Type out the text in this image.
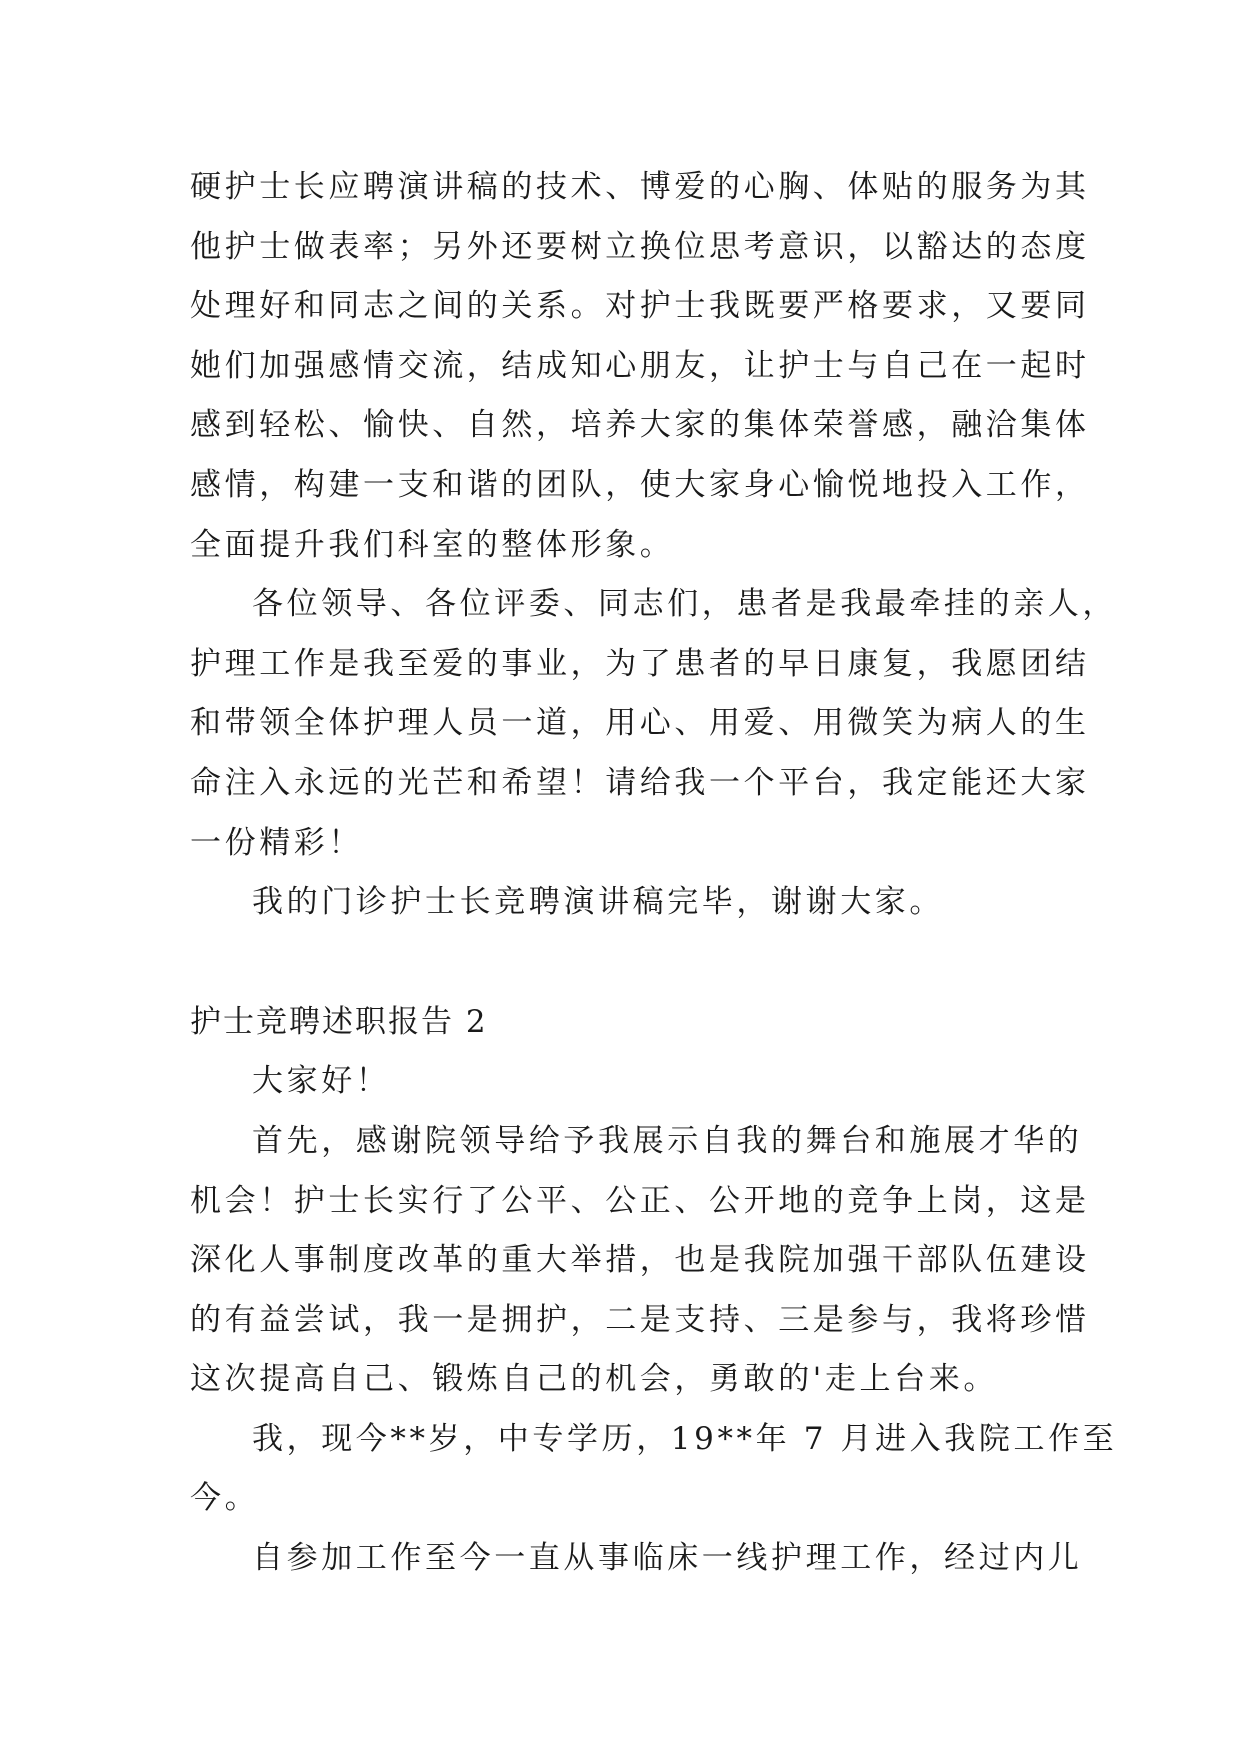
硬护士长应聘演讲稿的技术、博爱的心胸、体贴的服务为其
他护士做表率；另外还要树立换位思考意识，以豁达的态度
处理好和同志之间的关系。对护士我既要严格要求，又要同
她们加强感情交流，结成知心朋友，让护士与自己在一起时
感到轻松、愉快、自然，培养大家的集体荣誉感，融洽集体
感情，构建一支和谐的团队，使大家身心愉悦地投入工作，
全面提升我们科室的整体形象。
各位领导、各位评委、同志们，患者是我最牵挂的亲人，
护理工作是我至爱的事业，为了患者的早日康复，我愿团结
和带领全体护理人员一道，用心、用爱、用微笑为病人的生
命注入永远的光芒和希望！请给我一个平台，我定能还大家
一份精彩！
我的门诊护士长竞聘演讲稿完毕，谢谢大家。
护士竞聘述职报告 2
大家好！
首先，感谢院领导给予我展示自我的舞台和施展才华的
机会！护士长实行了公平、公正、公开地的竞争上岗，这是
深化人事制度改革的重大举措，也是我院加强干部队伍建设
的有益尝试，我一是拥护，二是支持、三是参与，我将珍惜
这次提高自己、锻炼自己的机会，勇敢的'走上台来。
我，现今**岁，中专学历，19**年 7 月进入我院工作至
今。
自参加工作至今一直从事临床一线护理工作，经过内儿
